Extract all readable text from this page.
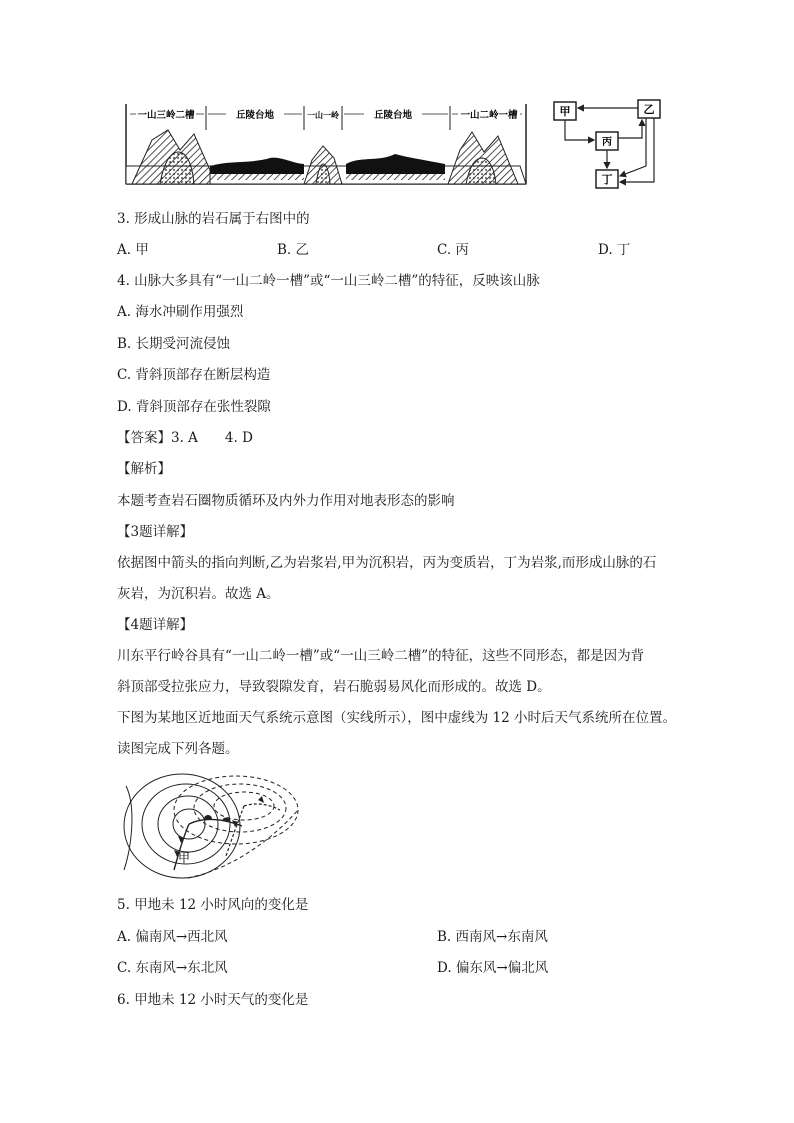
一山三岭二槽	丘陵台地	一山一岭	丘陵台地	一山二岭一槽	甲	乙
丙
丁
3. 形成山脉的岩石属于右图中的
A. 甲	B. 乙	C. 丙	D. 丁
4. 山脉大多具有“一山二岭一槽”或“一山三岭二槽”的特征，反映该山脉
A. 海水冲刷作用强烈
B. 长期受河流侵蚀
C. 背斜顶部存在断层构造
D. 背斜顶部存在张性裂隙
【答案】3. A　　4. D
【解析】
本题考查岩石圈物质循环及内外力作用对地表形态的影响
【3题详解】
依据图中箭头的指向判断,乙为岩浆岩,甲为沉积岩，丙为变质岩，丁为岩浆,而形成山脉的石
灰岩，为沉积岩。故选 A。
【4题详解】
川东平行岭谷具有“一山二岭一槽”或“一山三岭二槽”的特征，这些不同形态，都是因为背
斜顶部受拉张应力，导致裂隙发育，岩石脆弱易风化而形成的。故选 D。
下图为某地区近地面天气系统示意图（实线所示），图中虚线为 12 小时后天气系统所在位置。
读图完成下列各题。
甲
5. 甲地未 12 小时风向的变化是
A. 偏南风→西北风	B. 西南风→东南风
C. 东南风→东北风	D. 偏东风→偏北风
6. 甲地未 12 小时天气的变化是
